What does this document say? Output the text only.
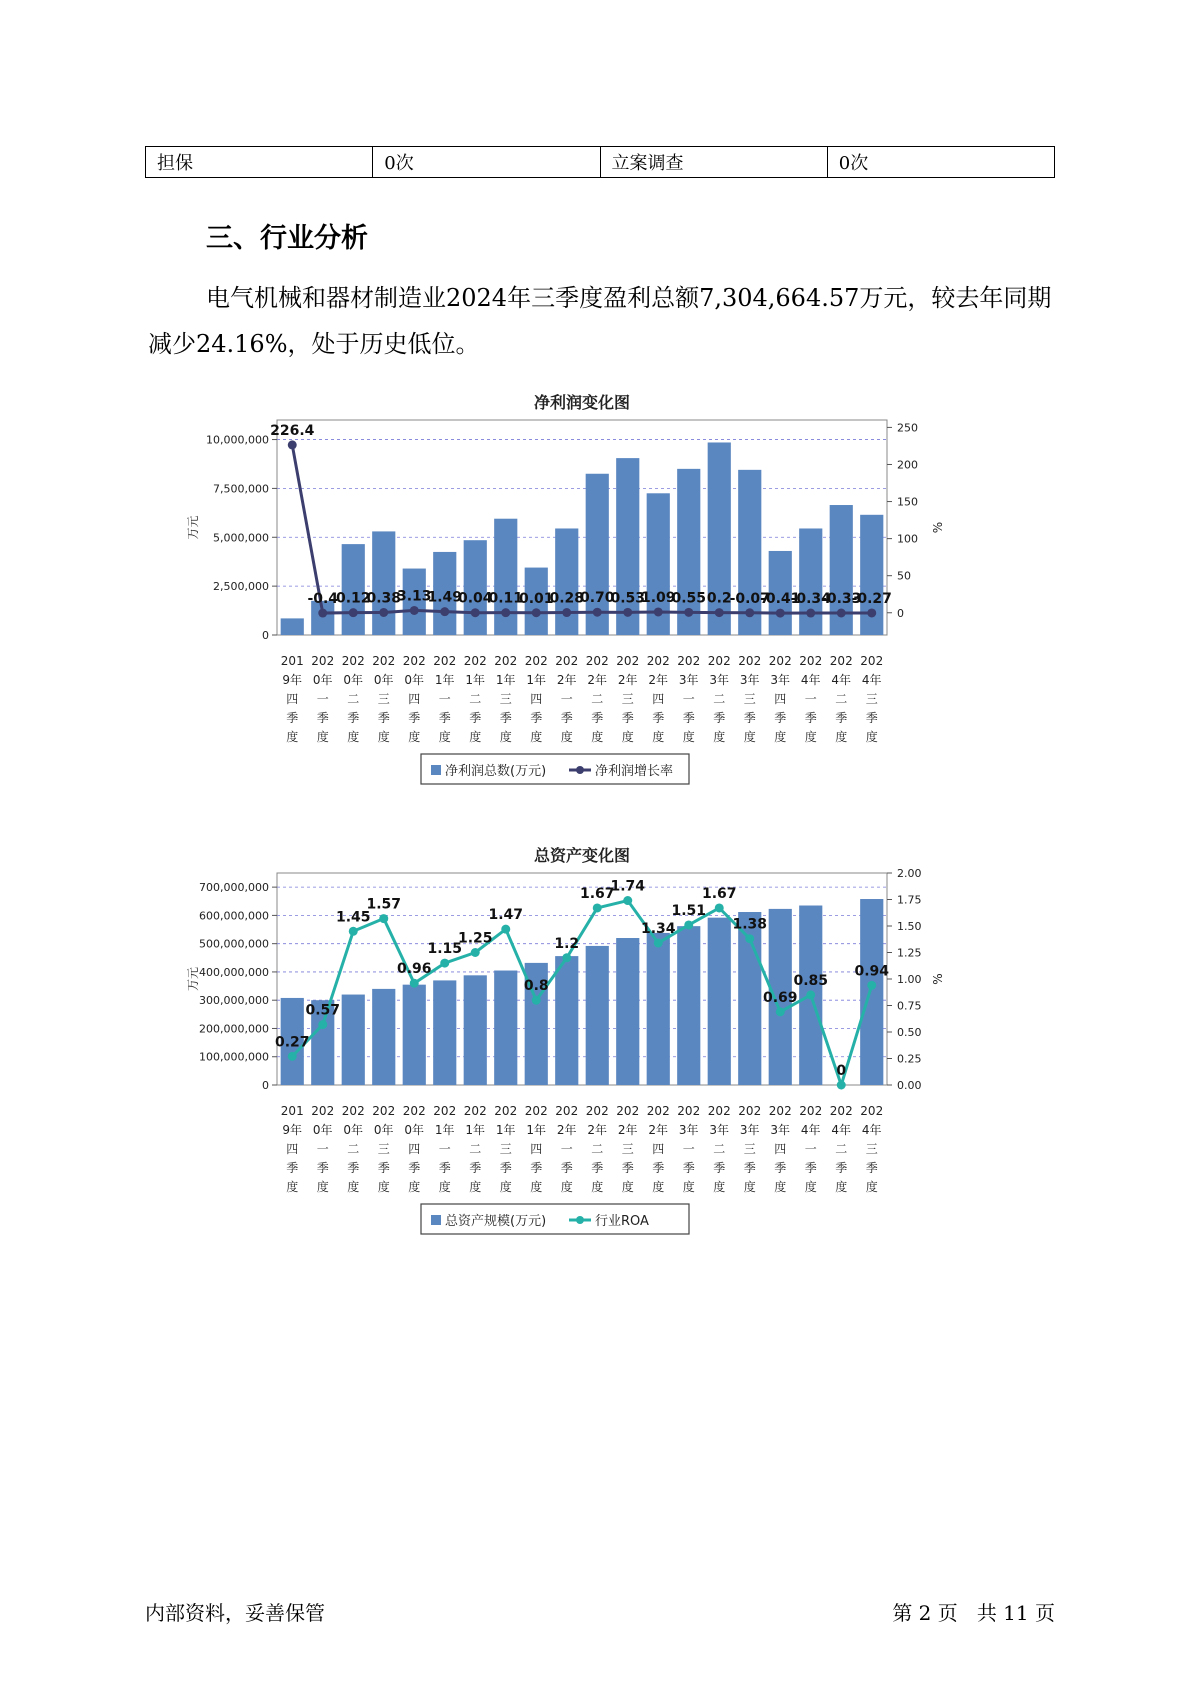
担保	0次	立案调查	0次
三、行业分析

电气机械和器材制造业2024年三季度盈利总额7,304,664.57万元，较去年同期减少24.16%，处于历史低位。

净利润变化图
0
2,500,000
5,000,000
7,500,000
10,000,000
0
50
100
150
200
250
万元	%
226.4
-0.4
0.12
0.38
3.13
1.49
0.04
0.11
0.01
0.28
0.70
0.53
1.09
0.55 0.2
-0.07
-0.41
-0.34
-0.33
-0.27
201 9年四季度
202 0年一季度
202 0年二季度
202 0年三季度
202 0年四季度
202 1年一季度
202 1年二季度
202 1年三季度
202 1年四季度
202 2年一季度
202 2年二季度
202 2年三季度
202 2年四季度
202 3年一季度
202 3年二季度
202 3年三季度
202 3年四季度
202 4年一季度
202 4年二季度
202 4年三季度
净利润总数(万元)	净利润增长率
总资产变化图
0
100,000,000
200,000,000
300,000,000
400,000,000
500,000,000
600,000,000
700,000,000
0.00
0.25
0.50
0.75
1.00
1.25
1.50
1.75
2.00
万元	%
0.27
0.57
1.45
1.57
0.96
1.15
1.25
1.47
0.8
1.2
1.67
1.74
1.34
1.51
1.67
1.38
0.69
0.85
0
0.94
201 9年四季度
202 0年一季度
202 0年二季度
202 0年三季度
202 0年四季度
202 1年一季度
202 1年二季度
202 1年三季度
202 1年四季度
202 2年一季度
202 2年二季度
202 2年三季度
202 2年四季度
202 3年一季度
202 3年二季度
202 3年三季度
202 3年四季度
202 4年一季度
202 4年二季度
202 4年三季度
总资产规模(万元)	行业ROA
内部资料，妥善保管	第 2 页   共 11 页
